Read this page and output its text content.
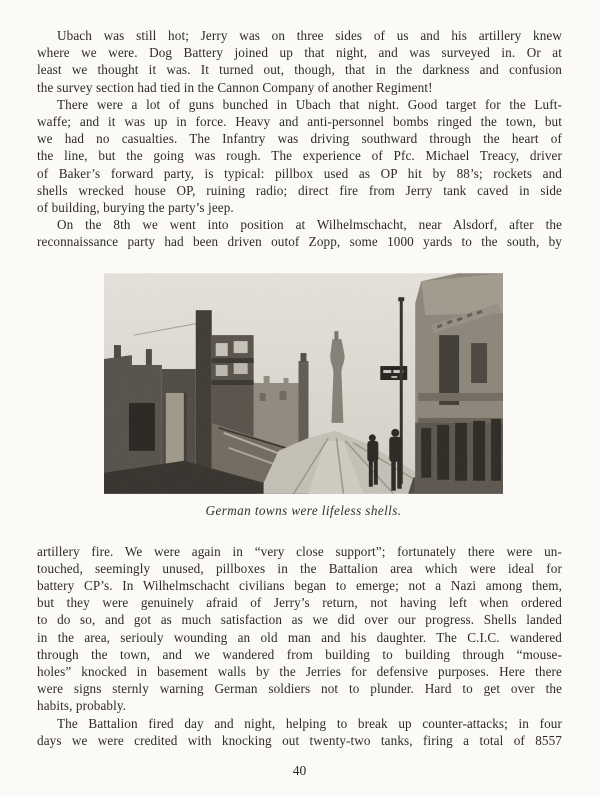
Ubach was still hot; Jerry was on three sides of us and his artillery knew
where we were. Dog Battery joined up that night, and was surveyed in. Or at
least we thought it was. It turned out, though, that in the darkness and confusion
the survey section had tied in the Cannon Company of another Regiment!
There were a lot of guns bunched in Ubach that night. Good target for the Luft-
waffe; and it was up in force. Heavy and anti-personnel bombs ringed the town, but
we had no casualties. The Infantry was driving southward through the heart of
the line, but the going was rough. The experience of Pfc. Michael Treacy, driver
of Baker’s forward party, is typical: pillbox used as OP hit by 88’s; rockets and
shells wrecked house OP, ruining radio; direct fire from Jerry tank caved in side
of building, burying the party’s jeep.
On the 8th we went into position at Wilhelmschacht, near Alsdorf, after the
reconnaissance party had been driven outof Zopp, some 1000 yards to the south, by
German towns were lifeless shells.
artillery fire. We were again in “very close support”; fortunately there were un-
touched, seemingly unused, pillboxes in the Battalion area which were ideal for
battery CP’s. In Wilhelmschacht civilians began to emerge; not a Nazi among them,
but they were genuinely afraid of Jerry’s return, not having left when ordered
to do so, and got as much satisfaction as we did over our progress. Shells landed
in the area, seriouly wounding an old man and his daughter. The C.I.C. wandered
through the town, and we wandered from building to building through “mouse-
holes” knocked in basement walls by the Jerries for defensive purposes. Here there
were signs sternly warning German soldiers not to plunder. Hard to get over the
habits, probably.
The Battalion fired day and night, helping to break up counter-attacks; in four
days we were credited with knocking out twenty-two tanks, firing a total of 8557
40
